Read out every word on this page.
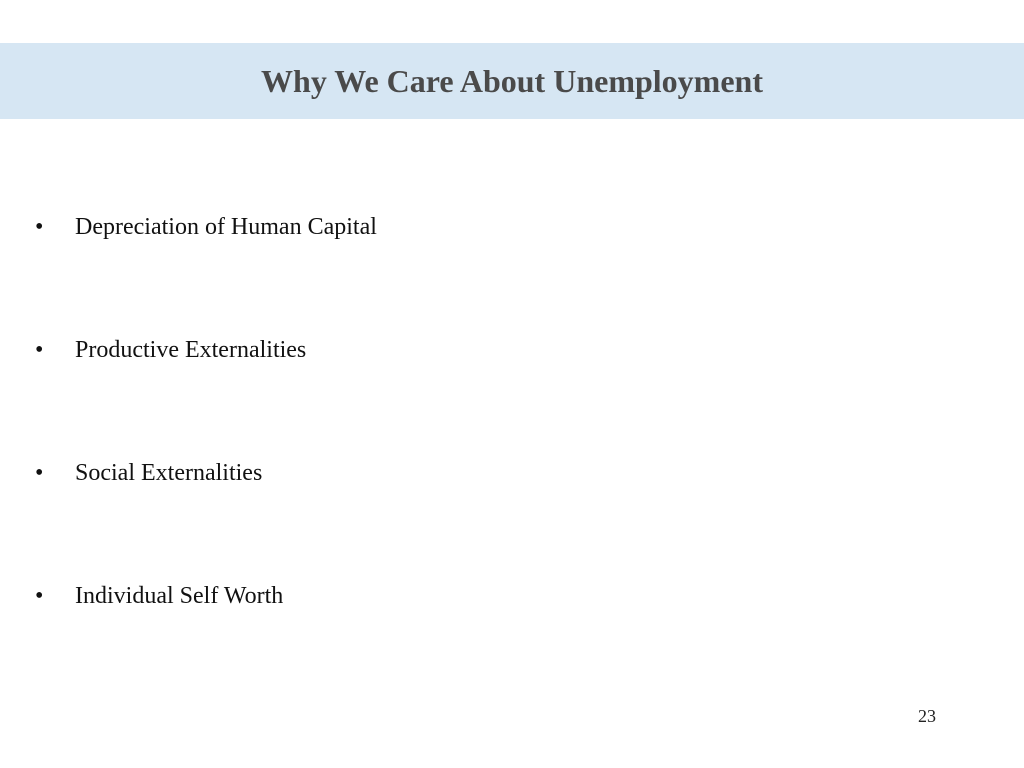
Why We Care About Unemployment
•	Depreciation of Human Capital
•	Productive Externalities
•	Social Externalities
•	Individual Self Worth
23
